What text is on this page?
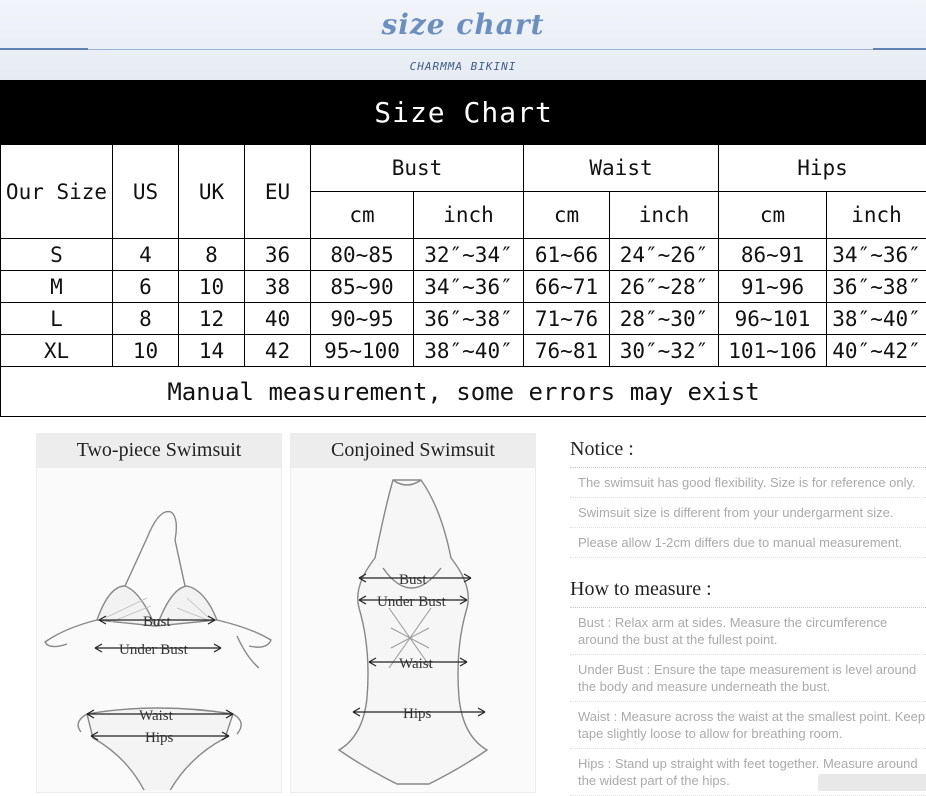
size chart
CHARMMA BIKINI
Size Chart									
Our Size	US	UK	EU	Bust		Waist		Hips	
				cm	inch	cm	inch	cm	inch
S	4	8	36	80~85	32″~34″	61~66	24″~26″	86~91	34″~36″
M	6	10	38	85~90	34″~36″	66~71	26″~28″	91~96	36″~38″
L	8	12	40	90~95	36″~38″	71~76	28″~30″	96~101	38″~40″
XL	10	14	42	95~100	38″~40″	76~81	30″~32″	101~106	40″~42″
Manual measurement, some errors may exist									
Two-piece Swimsuit
Bust
Under Bust
Waist
Hips
Conjoined Swimsuit
Bust
Under Bust
Waist
Hips
Notice :
The swimsuit has good flexibility. Size is for reference only.
Swimsuit size is different from your undergarment size.
Please allow 1-2cm differs due to manual measurement.
How to measure :
Bust : Relax arm at sides. Measure the circumference around the bust at the fullest point.
Under Bust : Ensure the tape measurement is level around the body and measure underneath the bust.
Waist : Measure across the waist at the smallest point. Keep tape slightly loose to allow for breathing room.
Hips : Stand up straight with feet together. Measure around the widest part of the hips.
